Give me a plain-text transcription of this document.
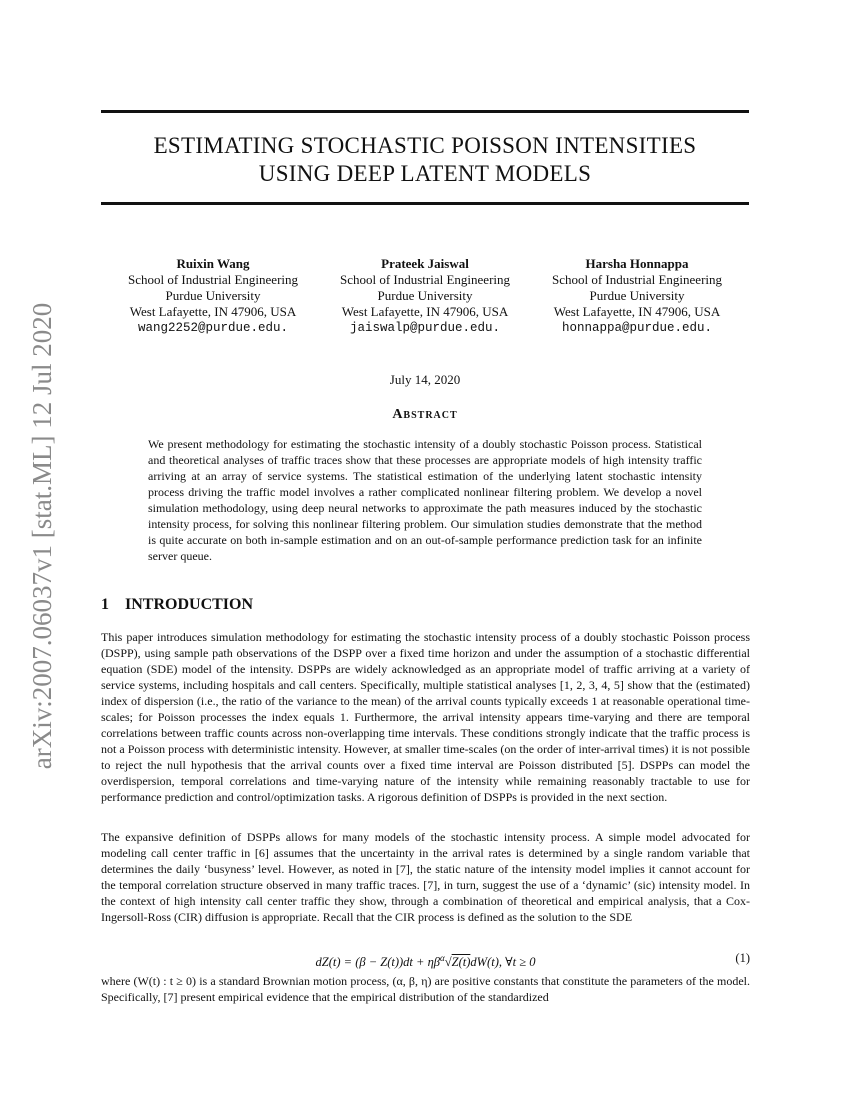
ESTIMATING STOCHASTIC POISSON INTENSITIES
USING DEEP LATENT MODELS
arXiv:2007.06037v1 [stat.ML] 12 Jul 2020
Ruixin Wang
School of Industrial Engineering
Purdue University
West Lafayette, IN 47906, USA
wang2252@purdue.edu.
Prateek Jaiswal
School of Industrial Engineering
Purdue University
West Lafayette, IN 47906, USA
jaiswalp@purdue.edu.
Harsha Honnappa
School of Industrial Engineering
Purdue University
West Lafayette, IN 47906, USA
honnappa@purdue.edu.
July 14, 2020
Abstract

We present methodology for estimating the stochastic intensity of a doubly stochastic Poisson process. Statistical and theoretical analyses of traffic traces show that these processes are appropriate models of high intensity traffic arriving at an array of service systems. The statistical estimation of the underlying latent stochastic intensity process driving the traffic model involves a rather complicated nonlinear filtering problem. We develop a novel simulation methodology, using deep neural networks to approximate the path measures induced by the stochastic intensity process, for solving this nonlinear filtering problem. Our simulation studies demonstrate that the method is quite accurate on both in-sample estimation and on an out-of-sample performance prediction task for an infinite server queue.

1 INTRODUCTION

This paper introduces simulation methodology for estimating the stochastic intensity process of a doubly stochastic Poisson process (DSPP), using sample path observations of the DSPP over a fixed time horizon and under the assumption of a stochastic differential equation (SDE) model of the intensity. DSPPs are widely acknowledged as an appropriate model of traffic arriving at a variety of service systems, including hospitals and call centers. Specifically, multiple statistical analyses [1, 2, 3, 4, 5] show that the (estimated) index of dispersion (i.e., the ratio of the variance to the mean) of the arrival counts typically exceeds 1 at reasonable operational time-scales; for Poisson processes the index equals 1. Furthermore, the arrival intensity appears time-varying and there are temporal correlations between traffic counts across non-overlapping time intervals. These conditions strongly indicate that the traffic process is not a Poisson process with deterministic intensity. However, at smaller time-scales (on the order of inter-arrival times) it is not possible to reject the null hypothesis that the arrival counts over a fixed time interval are Poisson distributed [5]. DSPPs can model the overdispersion, temporal correlations and time-varying nature of the intensity while remaining reasonably tractable to use for performance prediction and control/optimization tasks. A rigorous definition of DSPPs is provided in the next section.

The expansive definition of DSPPs allows for many models of the stochastic intensity process. A simple model advocated for modeling call center traffic in [6] assumes that the uncertainty in the arrival rates is determined by a single random variable that determines the daily ‘busyness’ level. However, as noted in [7], the static nature of the intensity model implies it cannot account for the temporal correlation structure observed in many traffic traces. [7], in turn, suggest the use of a ‘dynamic’ (sic) intensity model. In the context of high intensity call center traffic they show, through a combination of theoretical and empirical analysis, that a Cox-Ingersoll-Ross (CIR) diffusion is appropriate. Recall that the CIR process is defined as the solution to the SDE

$dZ(t) = (\beta - Z(t))dt + \eta\beta^\alpha√Z(t)dW(t)$, ∀t ≥ 0	(1)

where (W(t) : t ≥ 0) is a standard Brownian motion process, (α, β, η) are positive constants that constitute the parameters of the model. Specifically, [7] present empirical evidence that the empirical distribution of the standardized
